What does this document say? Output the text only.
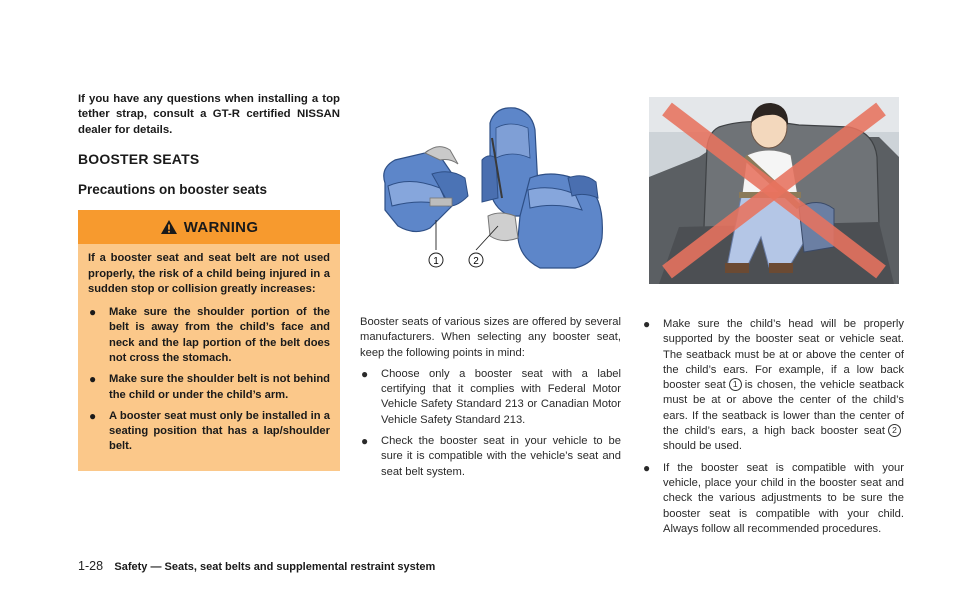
If you have any questions when installing a top tether strap, consult a GT-R certified NISSAN dealer for details.

BOOSTER SEATS
Precautions on booster seats
WARNING

If a booster seat and seat belt are not used properly, the risk of a child being injured in a sudden stop or collision greatly increases:

● Make sure the shoulder portion of the belt is away from the child’s face and neck and the lap portion of the belt does not cross the stomach.
● Make sure the shoulder belt is not behind the child or under the child’s arm.
● A booster seat must only be installed in a seating position that has a lap/shoulder belt.
1	2

Booster seats of various sizes are offered by several manufacturers. When selecting any booster seat, keep the following points in mind:

● Choose only a booster seat with a label certifying that it complies with Federal Motor Vehicle Safety Standard 213 or Canadian Motor Vehicle Safety Standard 213.
● Check the booster seat in your vehicle to be sure it is compatible with the vehicle’s seat and seat belt system.
● Make sure the child’s head will be properly supported by the booster seat or vehicle seat. The seatback must be at or above the center of the child’s ears. For example, if a low back booster seat 1 is chosen, the vehicle seatback must be at or above the center of the child’s ears. If the seatback is lower than the center of the child’s ears, a high back booster seat 2should be used.
● If the booster seat is compatible with your vehicle, place your child in the booster seat and check the various adjustments to be sure the booster seat is compatible with your child. Always follow all recommended procedures.
1-28 Safety — Seats, seat belts and supplemental restraint system
